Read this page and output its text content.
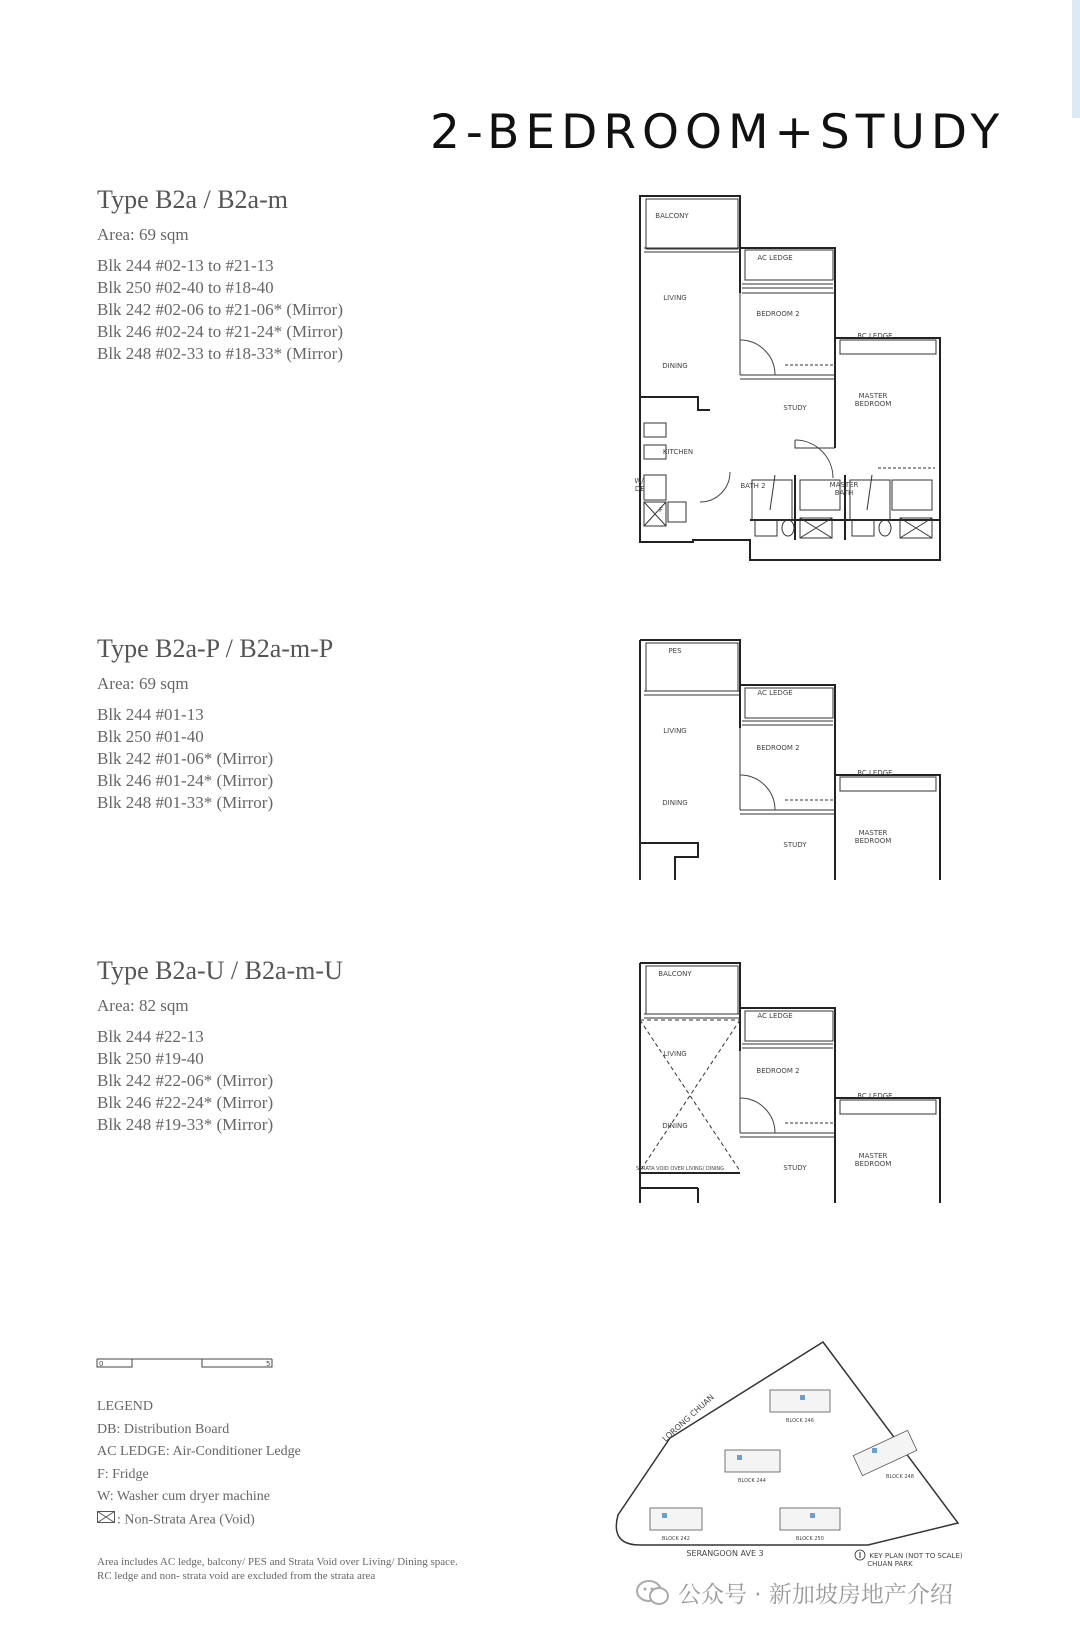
2-BEDROOM+STUDY
Type B2a / B2a-m
Area: 69 sqm
Blk 244 #02-13 to #21-13
Blk 250 #02-40 to #18-40
Blk 242 #02-06 to #21-06* (Mirror)
Blk 246 #02-24 to #21-24* (Mirror)
Blk 248 #02-33 to #18-33* (Mirror)
BALCONY
AC LEDGE
LIVING
BEDROOM 2
RC LEDGE
DINING
MASTER
BEDROOM
STUDY
KITCHEN
BATH 2	MASTER
BATH
W/
DB
F
Type B2a-P / B2a-m-P
Area: 69 sqm
Blk 244 #01-13
Blk 250 #01-40
Blk 242 #01-06* (Mirror)
Blk 246 #01-24* (Mirror)
Blk 248 #01-33* (Mirror)
PES
AC LEDGE
LIVING
BEDROOM 2
RC LEDGE
DINING
MASTER
BEDROOM
STUDY
Type B2a-U / B2a-m-U
Area: 82 sqm
Blk 244 #22-13
Blk 250 #19-40
Blk 242 #22-06* (Mirror)
Blk 246 #22-24* (Mirror)
Blk 248 #19-33* (Mirror)
BALCONY
AC LEDGE
LIVING
BEDROOM 2
RC LEDGE
DINING
STRATA VOID OVER LIVING/ DINING
MASTER
BEDROOM
STUDY
0	5
LEGEND
DB: Distribution Board
AC LEDGE: Air-Conditioner Ledge
F: Fridge
W: Washer cum dryer machine
: Non-Strata Area (Void)
Area includes AC ledge, balcony/ PES and Strata Void over Living/ Dining space.
RC ledge and non- strata void are excluded from the strata area
BLOCK 246
BLOCK 244
BLOCK 248
BLOCK 242	BLOCK 250
LORONG CHUAN
SERANGOON AVE 3
CHUAN PARK
KEY PLAN (NOT TO SCALE)
公众号 · 新加坡房地产介绍
